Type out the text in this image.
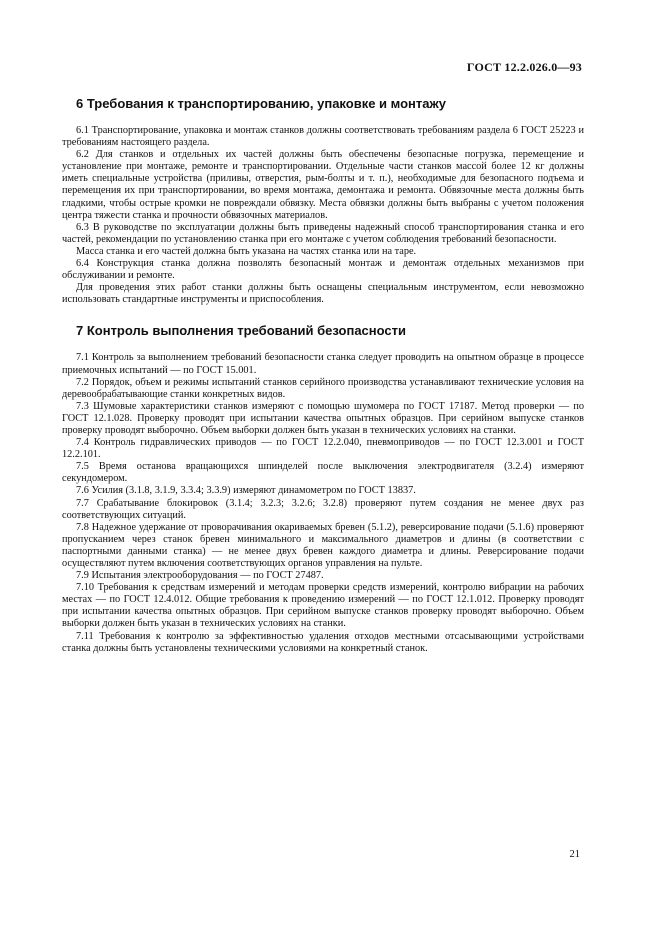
ГОСТ 12.2.026.0—93
6 Требования к транспортированию, упаковке и монтажу

6.1 Транспортирование, упаковка и монтаж станков должны соответствовать требованиям раздела 6 ГОСТ 25223 и требованиям настоящего раздела.

6.2 Для станков и отдельных их частей должны быть обеспечены безопасные погрузка, перемещение и установление при монтаже, ремонте и транспортировании. Отдельные части станков массой более 12 кг должны иметь специальные устройства (приливы, отверстия, рым-болты и т. п.), необходимые для безопасного подъема и перемещения их при транспортировании, во время монтажа, демонтажа и ремонта. Обвязочные места должны быть гладкими, чтобы острые кромки не повреждали обвязку. Места обвязки должны быть выбраны с учетом положения центра тяжести станка и прочности обвязочных материалов.

6.3 В руководстве по эксплуатации должны быть приведены надежный способ транспортирования станка и его частей, рекомендации по установлению станка при его монтаже с учетом соблюдения требований безопасности.

Масса станка и его частей должна быть указана на частях станка или на таре.

6.4 Конструкция станка должна позволять безопасный монтаж и демонтаж отдельных механизмов при обслуживании и ремонте.

Для проведения этих работ станки должны быть оснащены специальным инструментом, если невозможно использовать стандартные инструменты и приспособления.

7 Контроль выполнения требований безопасности

7.1 Контроль за выполнением требований безопасности станка следует проводить на опытном образце в процессе приемочных испытаний — по ГОСТ 15.001.

7.2 Порядок, объем и режимы испытаний станков серийного производства устанавливают технические условия на деревообрабатывающие станки конкретных видов.

7.3 Шумовые характеристики станков измеряют с помощью шумомера по ГОСТ 17187. Метод проверки — по ГОСТ 12.1.028. Проверку проводят при испытании качества опытных образцов. При серийном выпуске станков проверку проводят выборочно. Объем выборки должен быть указан в технических условиях на станки.

7.4 Контроль гидравлических приводов — по ГОСТ 12.2.040, пневмоприводов — по ГОСТ 12.3.001 и ГОСТ 12.2.101.

7.5 Время останова вращающихся шпинделей после выключения электродвигателя (3.2.4) измеряют секундомером.

7.6 Усилия (3.1.8, 3.1.9, 3.3.4; 3.3.9) измеряют динамометром по ГОСТ 13837.

7.7 Срабатывание блокировок (3.1.4; 3.2.3; 3.2.6; 3.2.8) проверяют путем создания не менее двух раз соответствующих ситуаций.

7.8 Надежное удержание от проворачивания окариваемых бревен (5.1.2), реверсирование подачи (5.1.6) проверяют пропусканием через станок бревен минимального и максимального диаметров и длины (в соответствии с паспортными данными станка) — не менее двух бревен каждого диаметра и длины. Реверсирование подачи осуществляют путем включения соответствующих органов управления на пульте.

7.9 Испытания электрооборудования — по ГОСТ 27487.

7.10 Требования к средствам измерений и методам проверки средств измерений, контролю вибрации на рабочих местах — по ГОСТ 12.4.012. Общие требования к проведению измерений — по ГОСТ 12.1.012. Проверку проводят при испытании качества опытных образцов. При серийном выпуске станков проверку проводят выборочно. Объем выборки должен быть указан в технических условиях на станки.

7.11 Требования к контролю за эффективностью удаления отходов местными отсасывающими устройствами станка должны быть установлены техническими условиями на конкретный станок.

21
